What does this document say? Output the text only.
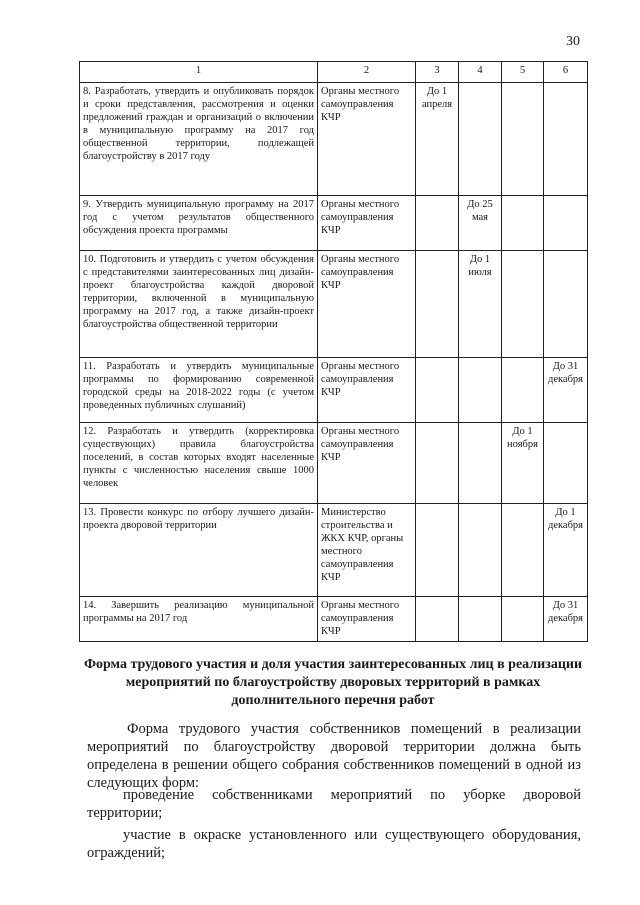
30
1	2	3	4	5	6
8. Разработать, утвердить и опубликовать порядок и сроки представления, рассмотрения и оценки предложений граждан и организаций о включении в муниципальную программу на 2017 год общественной территории, подлежащей благоустройству в 2017 году	Органы местного самоуправления КЧР	До 1 апреля			
9. Утвердить муниципальную программу на 2017 год с учетом результатов общественного обсуждения проекта программы	Органы местного самоуправления КЧР		До 25 мая		
10. Подготовить и утвердить с учетом обсуждения с представителями заинтересованных лиц дизайн-проект благоустройства каждой дворовой территории, включенной в муниципальную программу на 2017 год, а также дизайн-проект благоустройства общественной территории	Органы местного самоуправления КЧР		До 1 июля		
11. Разработать и утвердить муниципальные программы по формированию современной городской среды на 2018-2022 годы (с учетом проведенных публичных слушаний)	Органы местного самоуправления КЧР				До 31 декабря
12. Разработать и утвердить (корректировка существующих) правила благоустройства поселений, в состав которых входят населенные пункты с численностью населения свыше 1000 человек	Органы местного самоуправления КЧР			До 1 ноября	
13. Провести конкурс по отбору лучшего дизайн-проекта дворовой территории	Министерство строительства и ЖКХ КЧР, органы местного самоуправления КЧР				До 1 декабря
14. Завершить реализацию муниципальной программы на 2017 год	Органы местного самоуправления КЧР				До 31 декабря
Форма трудового участия и доля участия заинтересованных лиц в реализации мероприятий по благоустройству дворовых территорий в рамках дополнительного перечня работ
Форма трудового участия собственников помещений в реализации мероприятий по благоустройству дворовой территории должна быть определена в решении общего собрания собственников помещений в одной из следующих форм:
проведение собственниками мероприятий по уборке дворовой территории;
участие в окраске установленного или существующего оборудования, ограждений;
